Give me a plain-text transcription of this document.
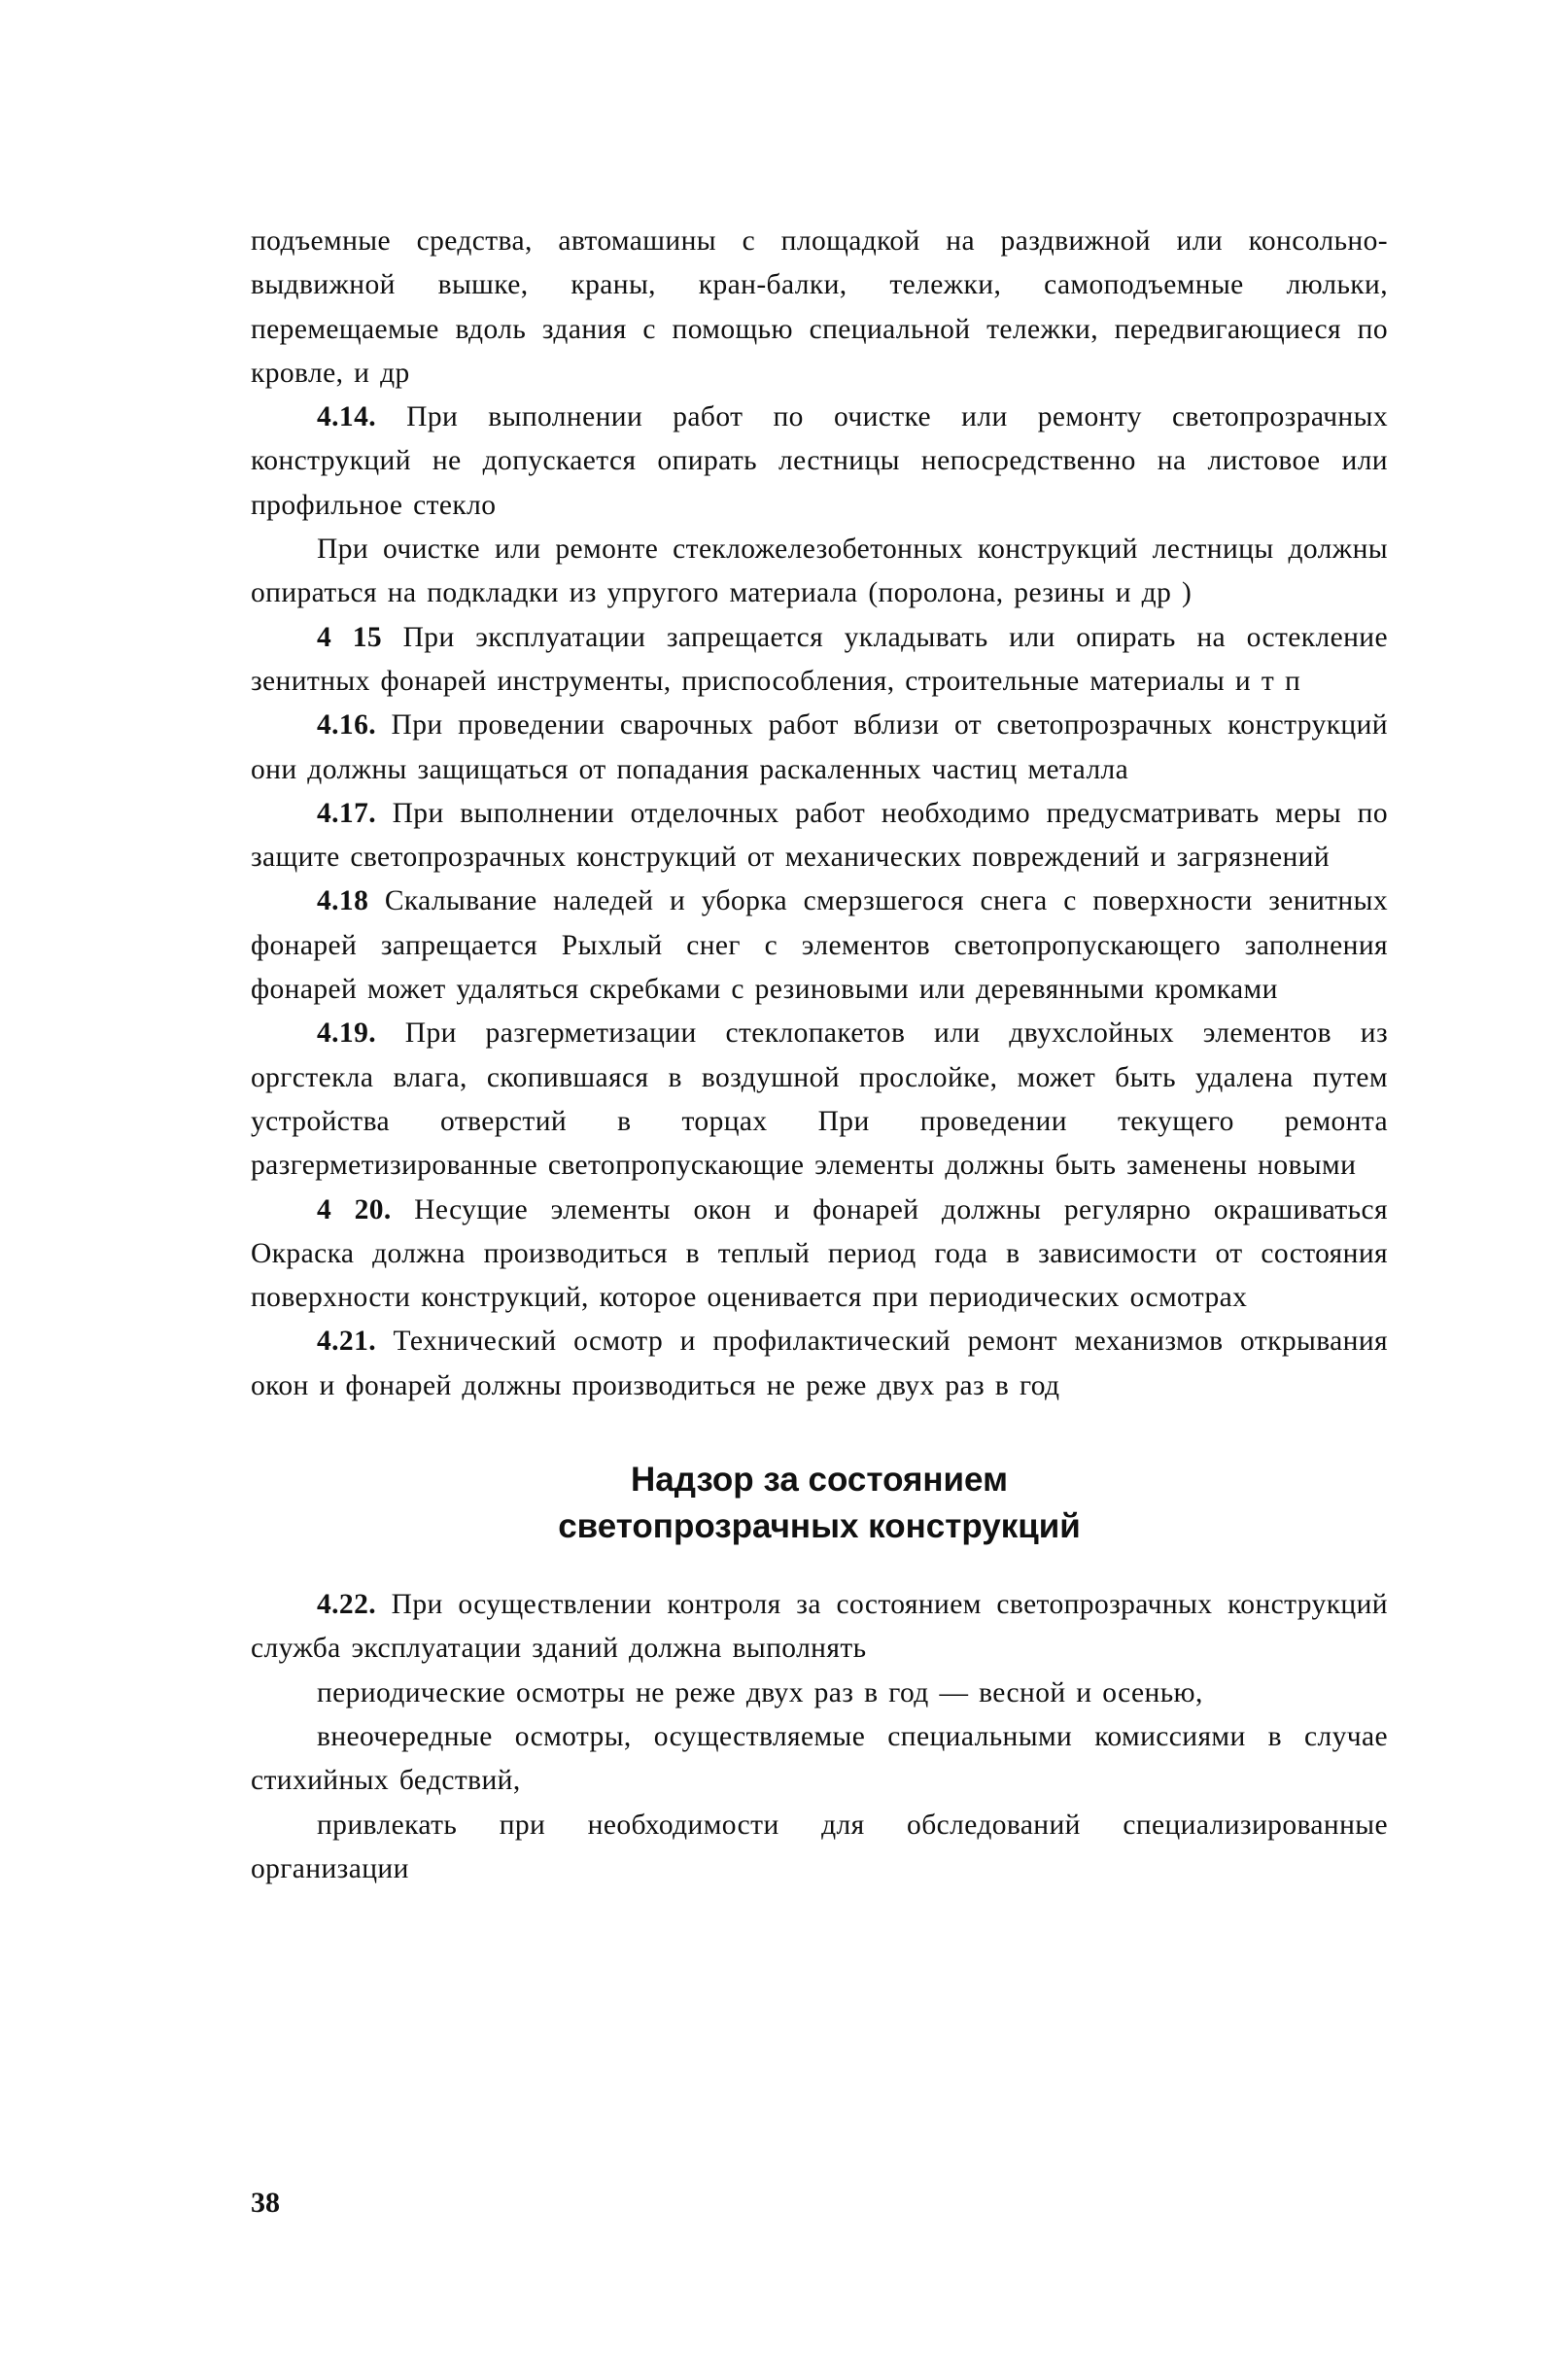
подъемные средства, автомашины с площадкой на раздвижной или консольно-выдвижной вышке, краны, кран-балки, тележки, самоподъемные люльки, перемещаемые вдоль здания с помощью специальной тележки, передвигающиеся по кровле, и др

4.14. При выполнении работ по очистке или ремонту светопрозрачных конструкций не допускается опирать лестницы непосредственно на листовое или профильное стекло

При очистке или ремонте стекложелезобетонных конструкций лестницы должны опираться на подкладки из упругого материала (поролона, резины и др )

4 15 При эксплуатации запрещается укладывать или опирать на остекление зенитных фонарей инструменты, приспособления, строительные материалы и т п

4.16. При проведении сварочных работ вблизи от светопрозрачных конструкций они должны защищаться от попадания раскаленных частиц металла

4.17. При выполнении отделочных работ необходимо предусматривать меры по защите светопрозрачных конструкций от механических повреждений и загрязнений

4.18 Скалывание наледей и уборка смерзшегося снега с поверхности зенитных фонарей запрещается Рыхлый снег с элементов светопропускающего заполнения фонарей может удаляться скребками с резиновыми или деревянными кромками

4.19. При разгерметизации стеклопакетов или двухслойных элементов из оргстекла влага, скопившаяся в воздушной прослойке, может быть удалена путем устройства отверстий в торцах При проведении текущего ремонта разгерметизированные светопропускающие элементы должны быть заменены новыми

4 20. Несущие элементы окон и фонарей должны регулярно окрашиваться Окраска должна производиться в теплый период года в зависимости от состояния поверхности конструкций, которое оценивается при периодических осмотрах

4.21. Технический осмотр и профилактический ремонт механизмов открывания окон и фонарей должны производиться не реже двух раз в год

Надзор за состоянием
светопрозрачных конструкций

4.22. При осуществлении контроля за состоянием светопрозрачных конструкций служба эксплуатации зданий должна выполнять

периодические осмотры не реже двух раз в год — весной и осенью,

внеочередные осмотры, осуществляемые специальными комиссиями в случае стихийных бедствий,

привлекать при необходимости для обследований специализированные организации

38
